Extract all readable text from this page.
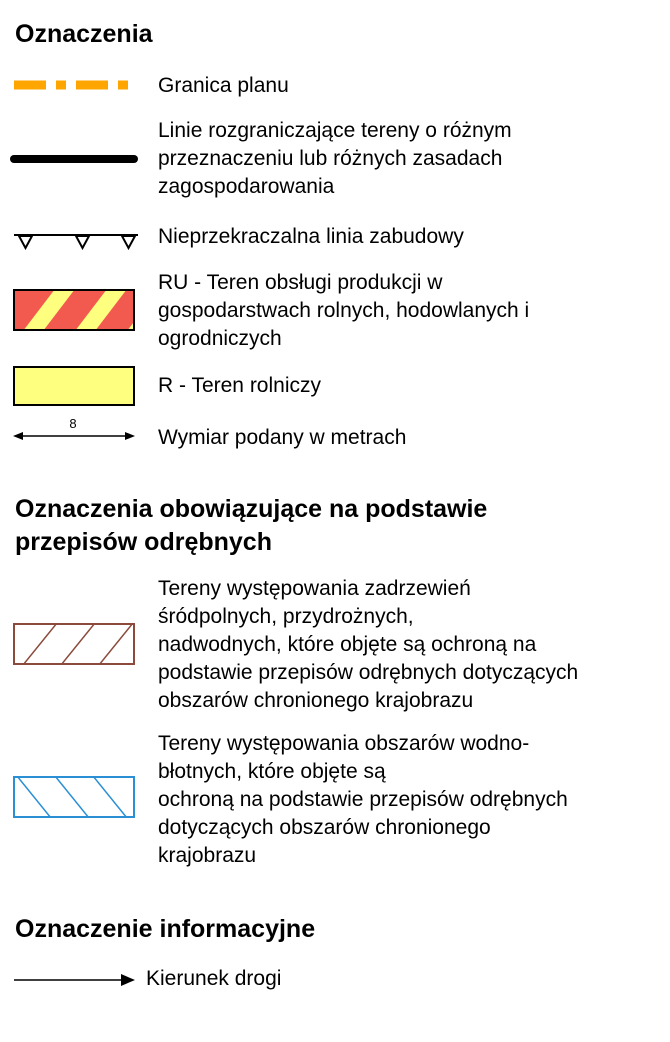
Oznaczenia
Granica planu
Linie rozgraniczające tereny o różnym
przeznaczeniu lub różnych zasadach
zagospodarowania
Nieprzekraczalna linia zabudowy
RU - Teren obsługi produkcji w
gospodarstwach rolnych, hodowlanych i
ogrodniczych
R - Teren rolniczy
8
Wymiar podany w metrach
Oznaczenia obowiązujące na podstawie
przepisów odrębnych
Tereny występowania zadrzewień
śródpolnych, przydrożnych,
nadwodnych, które objęte są ochroną na
podstawie przepisów odrębnych dotyczących
obszarów chronionego krajobrazu
Tereny występowania obszarów wodno-
błotnych, które objęte są
ochroną na podstawie przepisów odrębnych
dotyczących obszarów chronionego
krajobrazu
Oznaczenie informacyjne
Kierunek drogi
